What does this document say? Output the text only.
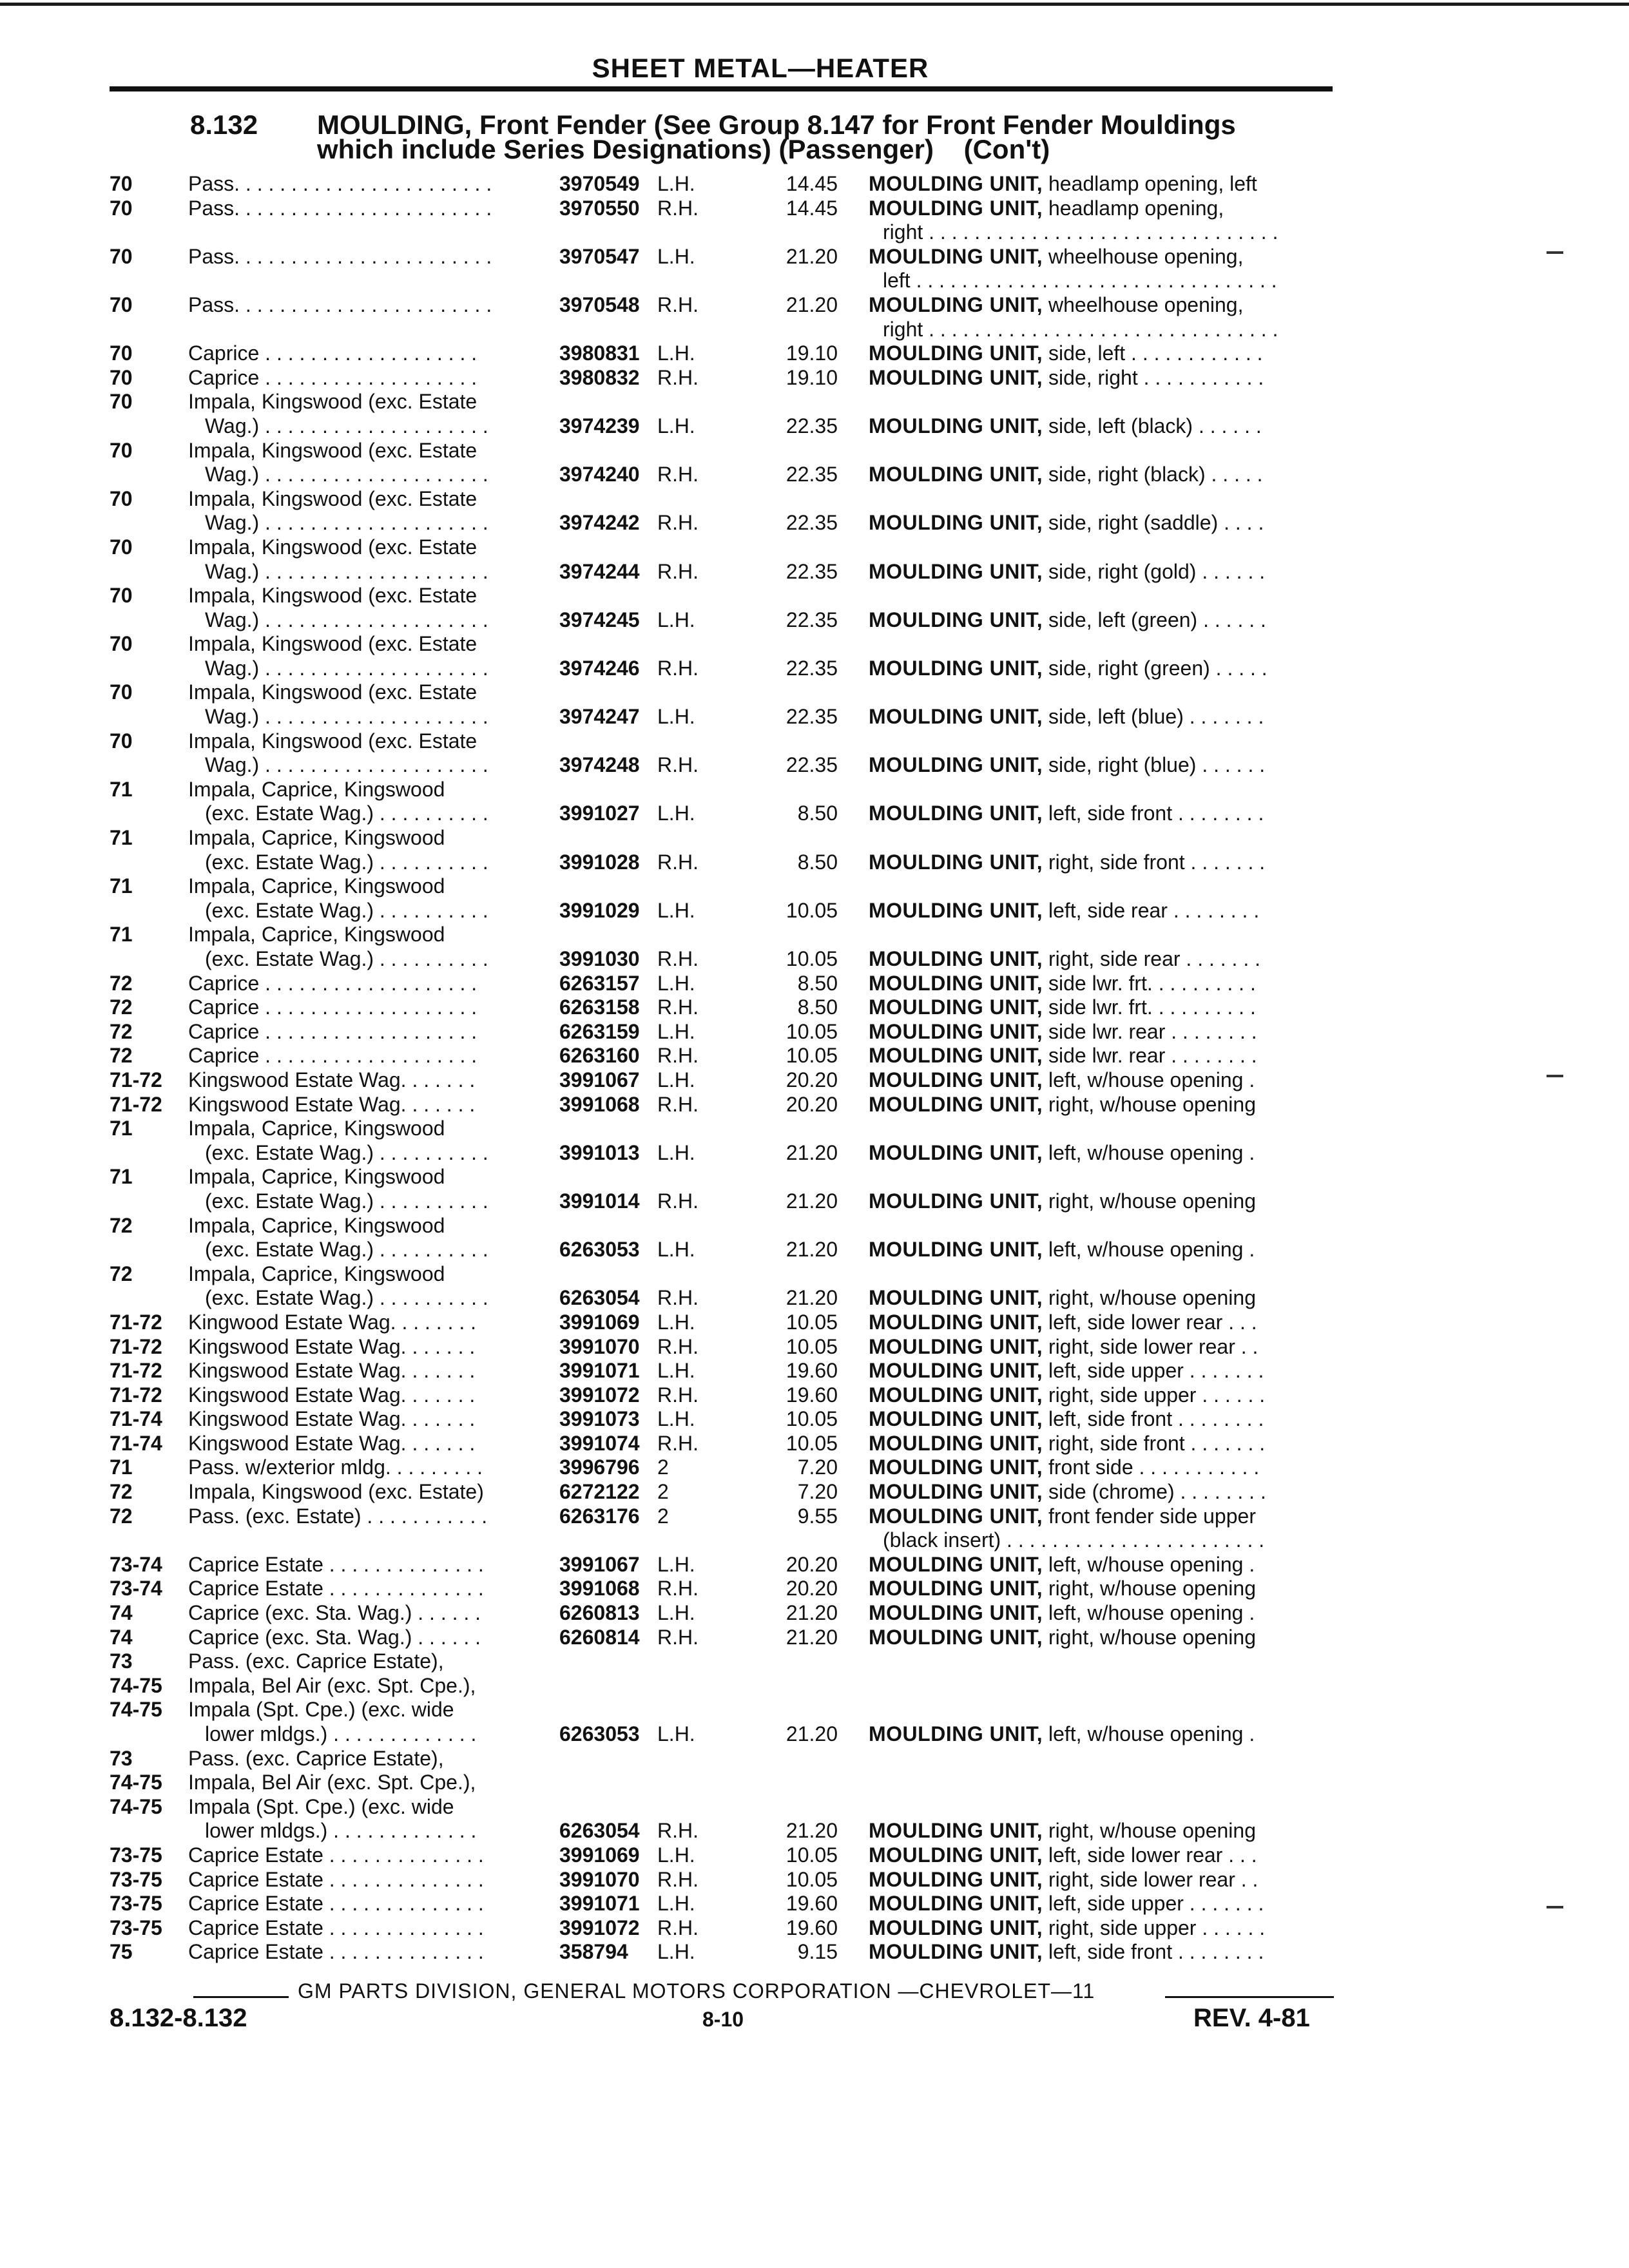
SHEET METAL—HEATER
8.132 MOULDING, Front Fender (See Group 8.147 for Front Fender Mouldings
which include Series Designations) (Passenger)    (Con't)
70	Pass. . . . . . . . . . . . . . . . . . . . . . .	3970549 L.H.	14.45 MOULDING UNIT, headlamp opening, left
70	Pass. . . . . . . . . . . . . . . . . . . . . . .	3970550 R.H.	14.45 MOULDING UNIT, headlamp opening,
right . . . . . . . . . . . . . . . . . . . . . . . . . . . . . . .
70	Pass. . . . . . . . . . . . . . . . . . . . . . .	3970547 L.H.	21.20 MOULDING UNIT, wheelhouse opening,
left . . . . . . . . . . . . . . . . . . . . . . . . . . . . . . . .
70	Pass. . . . . . . . . . . . . . . . . . . . . . .	3970548 R.H.	21.20 MOULDING UNIT, wheelhouse opening,
right . . . . . . . . . . . . . . . . . . . . . . . . . . . . . . .
70	Caprice . . . . . . . . . . . . . . . . . . .	3980831 L.H.	19.10 MOULDING UNIT, side, left . . . . . . . . . . . .
70	Caprice . . . . . . . . . . . . . . . . . . .	3980832 R.H.	19.10 MOULDING UNIT, side, right . . . . . . . . . . .
70	Impala, Kingswood (exc. Estate
Wag.) . . . . . . . . . . . . . . . . . . . .	3974239 L.H.	22.35 MOULDING UNIT, side, left (black) . . . . . .
70	Impala, Kingswood (exc. Estate
Wag.) . . . . . . . . . . . . . . . . . . . .	3974240 R.H.	22.35 MOULDING UNIT, side, right (black) . . . . .
70	Impala, Kingswood (exc. Estate
Wag.) . . . . . . . . . . . . . . . . . . . .	3974242 R.H.	22.35 MOULDING UNIT, side, right (saddle) . . . .
70	Impala, Kingswood (exc. Estate
Wag.) . . . . . . . . . . . . . . . . . . . .	3974244 R.H.	22.35 MOULDING UNIT, side, right (gold) . . . . . .
70	Impala, Kingswood (exc. Estate
Wag.) . . . . . . . . . . . . . . . . . . . .	3974245 L.H.	22.35 MOULDING UNIT, side, left (green) . . . . . .
70	Impala, Kingswood (exc. Estate
Wag.) . . . . . . . . . . . . . . . . . . . .	3974246 R.H.	22.35 MOULDING UNIT, side, right (green) . . . . .
70	Impala, Kingswood (exc. Estate
Wag.) . . . . . . . . . . . . . . . . . . . .	3974247 L.H.	22.35 MOULDING UNIT, side, left (blue) . . . . . . .
70	Impala, Kingswood (exc. Estate
Wag.) . . . . . . . . . . . . . . . . . . . .	3974248 R.H.	22.35 MOULDING UNIT, side, right (blue) . . . . . .
71	Impala, Caprice, Kingswood
(exc. Estate Wag.) . . . . . . . . . .	3991027 L.H.	8.50 MOULDING UNIT, left, side front . . . . . . . .
71	Impala, Caprice, Kingswood
(exc. Estate Wag.) . . . . . . . . . .	3991028 R.H.	8.50 MOULDING UNIT, right, side front . . . . . . .
71	Impala, Caprice, Kingswood
(exc. Estate Wag.) . . . . . . . . . .	3991029 L.H.	10.05 MOULDING UNIT, left, side rear . . . . . . . .
71	Impala, Caprice, Kingswood
(exc. Estate Wag.) . . . . . . . . . .	3991030 R.H.	10.05 MOULDING UNIT, right, side rear . . . . . . .
72	Caprice . . . . . . . . . . . . . . . . . . .	6263157 L.H.	8.50 MOULDING UNIT, side lwr. frt. . . . . . . . . .
72	Caprice . . . . . . . . . . . . . . . . . . .	6263158 R.H.	8.50 MOULDING UNIT, side lwr. frt. . . . . . . . . .
72	Caprice . . . . . . . . . . . . . . . . . . .	6263159 L.H.	10.05 MOULDING UNIT, side lwr. rear . . . . . . . .
72	Caprice . . . . . . . . . . . . . . . . . . .	6263160 R.H.	10.05 MOULDING UNIT, side lwr. rear . . . . . . . .
71-72	Kingswood Estate Wag. . . . . . .	3991067 L.H.	20.20 MOULDING UNIT, left, w/house opening .
71-72	Kingswood Estate Wag. . . . . . .	3991068 R.H.	20.20 MOULDING UNIT, right, w/house opening
71	Impala, Caprice, Kingswood
(exc. Estate Wag.) . . . . . . . . . .	3991013 L.H.	21.20 MOULDING UNIT, left, w/house opening .
71	Impala, Caprice, Kingswood
(exc. Estate Wag.) . . . . . . . . . .	3991014 R.H.	21.20 MOULDING UNIT, right, w/house opening
72	Impala, Caprice, Kingswood
(exc. Estate Wag.) . . . . . . . . . .	6263053 L.H.	21.20 MOULDING UNIT, left, w/house opening .
72	Impala, Caprice, Kingswood
(exc. Estate Wag.) . . . . . . . . . .	6263054 R.H.	21.20 MOULDING UNIT, right, w/house opening
71-72	Kingwood Estate Wag. . . . . . . .	3991069 L.H.	10.05 MOULDING UNIT, left, side lower rear . . .
71-72	Kingswood Estate Wag. . . . . . .	3991070 R.H.	10.05 MOULDING UNIT, right, side lower rear . .
71-72	Kingswood Estate Wag. . . . . . .	3991071 L.H.	19.60 MOULDING UNIT, left, side upper . . . . . . .
71-72	Kingswood Estate Wag. . . . . . .	3991072 R.H.	19.60 MOULDING UNIT, right, side upper . . . . . .
71-74	Kingswood Estate Wag. . . . . . .	3991073 L.H.	10.05 MOULDING UNIT, left, side front . . . . . . . .
71-74	Kingswood Estate Wag. . . . . . .	3991074 R.H.	10.05 MOULDING UNIT, right, side front . . . . . . .
71	Pass. w/exterior mldg. . . . . . . . .	3996796 2	7.20 MOULDING UNIT, front side . . . . . . . . . . .
72	Impala, Kingswood (exc. Estate)	6272122 2	7.20 MOULDING UNIT, side (chrome) . . . . . . . .
72	Pass. (exc. Estate) . . . . . . . . . . .	6263176 2	9.55 MOULDING UNIT, front fender side upper
(black insert) . . . . . . . . . . . . . . . . . . . . . . .
73-74	Caprice Estate . . . . . . . . . . . . . .	3991067 L.H.	20.20 MOULDING UNIT, left, w/house opening .
73-74	Caprice Estate . . . . . . . . . . . . . .	3991068 R.H.	20.20 MOULDING UNIT, right, w/house opening
74	Caprice (exc. Sta. Wag.) . . . . . .	6260813 L.H.	21.20 MOULDING UNIT, left, w/house opening .
74	Caprice (exc. Sta. Wag.) . . . . . .	6260814 R.H.	21.20 MOULDING UNIT, right, w/house opening
73	Pass. (exc. Caprice Estate),
74-75	Impala, Bel Air (exc. Spt. Cpe.),
74-75	Impala (Spt. Cpe.) (exc. wide
lower mldgs.) . . . . . . . . . . . . .	6263053 L.H.	21.20 MOULDING UNIT, left, w/house opening .
73	Pass. (exc. Caprice Estate),
74-75	Impala, Bel Air (exc. Spt. Cpe.),
74-75	Impala (Spt. Cpe.) (exc. wide
lower mldgs.) . . . . . . . . . . . . .	6263054 R.H.	21.20 MOULDING UNIT, right, w/house opening
73-75	Caprice Estate . . . . . . . . . . . . . .	3991069 L.H.	10.05 MOULDING UNIT, left, side lower rear . . .
73-75	Caprice Estate . . . . . . . . . . . . . .	3991070 R.H.	10.05 MOULDING UNIT, right, side lower rear . .
73-75	Caprice Estate . . . . . . . . . . . . . .	3991071 L.H.	19.60 MOULDING UNIT, left, side upper . . . . . . .
73-75	Caprice Estate . . . . . . . . . . . . . .	3991072 R.H.	19.60 MOULDING UNIT, right, side upper . . . . . .
75	Caprice Estate . . . . . . . . . . . . . .	358794	L.H.	9.15 MOULDING UNIT, left, side front . . . . . . . .
GM PARTS DIVISION, GENERAL MOTORS CORPORATION —CHEVROLET—11
8.132-8.132	8-10	REV. 4-81
